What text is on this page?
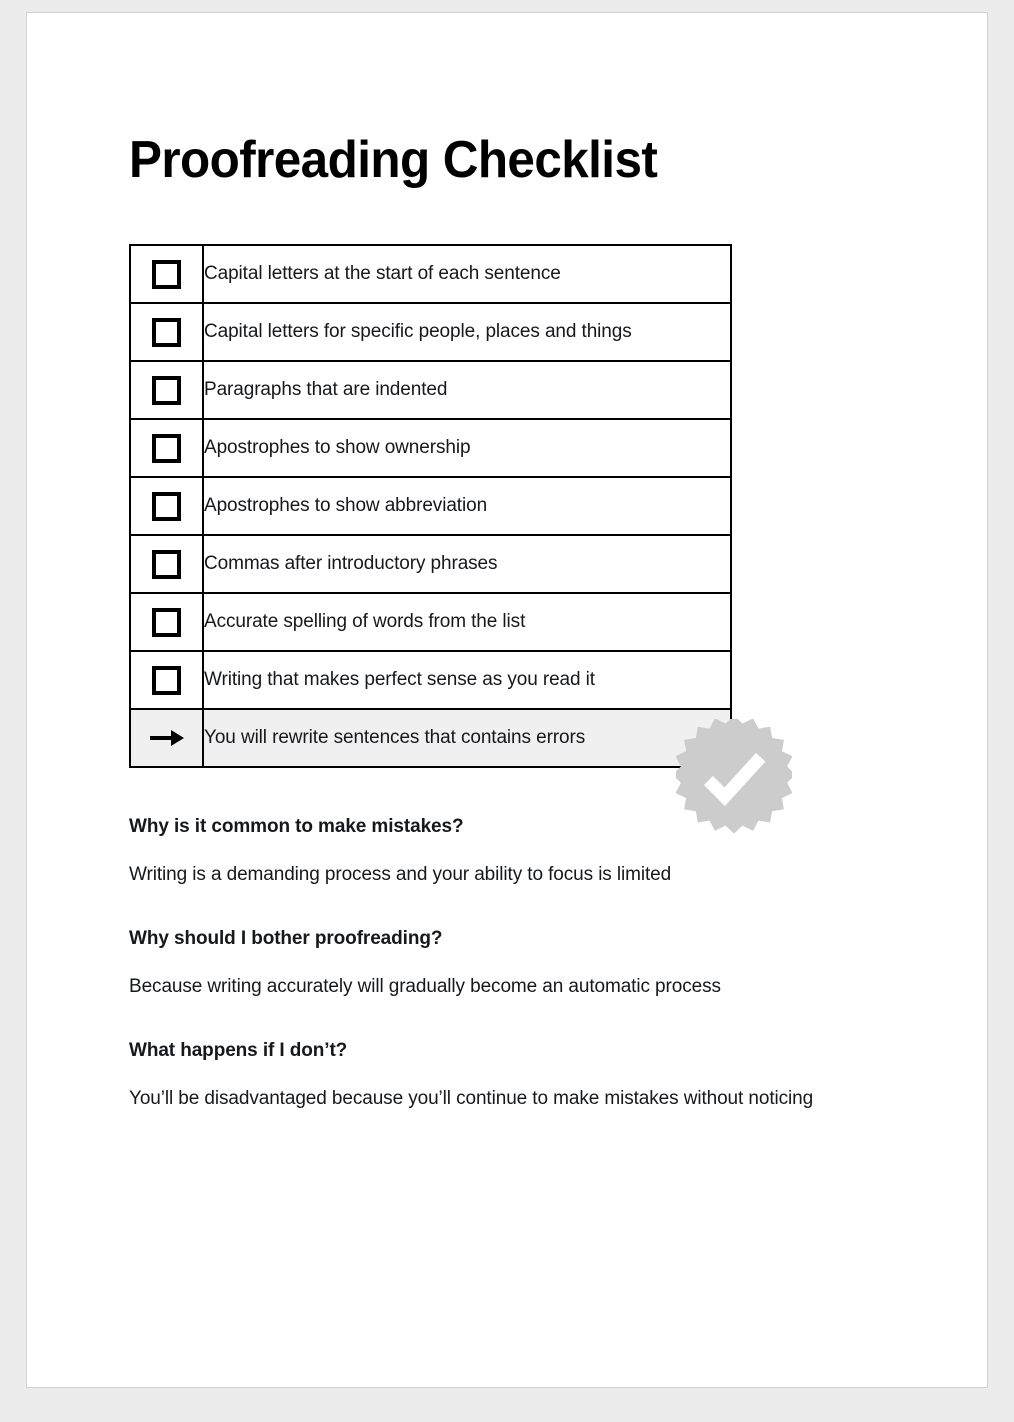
Proofreading Checklist
	Capital letters at the start of each sentence
	Capital letters for specific people, places and things
	Paragraphs that are indented
	Apostrophes to show ownership
	Apostrophes to show abbreviation
	Commas after introductory phrases
	Accurate spelling of words from the list
	Writing that makes perfect sense as you read it
	You will rewrite sentences that contains errors
Why is it common to make mistakes?
Writing is a demanding process and your ability to focus is limited
Why should I bother proofreading?
Because writing accurately will gradually become an automatic process
What happens if I don’t?
You’ll be disadvantaged because you’ll continue to make mistakes without noticing
